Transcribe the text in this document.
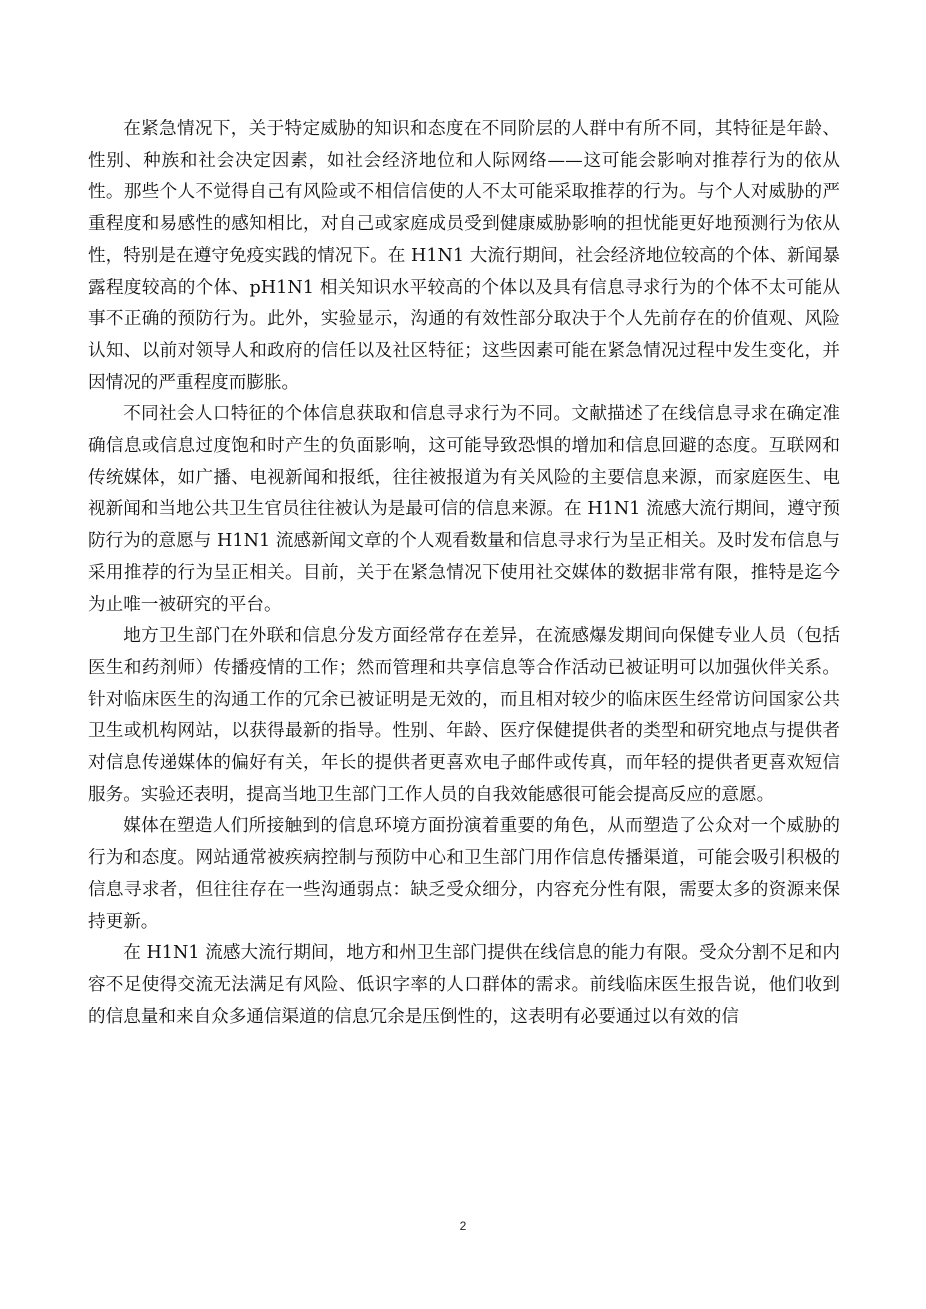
在紧急情况下，关于特定威胁的知识和态度在不同阶层的人群中有所不同，其特征是年龄、性别、种族和社会决定因素，如社会经济地位和人际网络——这可能会影响对推荐行为的依从性。那些个人不觉得自己有风险或不相信信使的人不太可能采取推荐的行为。与个人对威胁的严重程度和易感性的感知相比，对自己或家庭成员受到健康威胁影响的担忧能更好地预测行为依从性，特别是在遵守免疫实践的情况下。在 H1N1 大流行期间，社会经济地位较高的个体、新闻暴露程度较高的个体、pH1N1 相关知识水平较高的个体以及具有信息寻求行为的个体不太可能从事不正确的预防行为。此外，实验显示，沟通的有效性部分取决于个人先前存在的价值观、风险认知、以前对领导人和政府的信任以及社区特征；这些因素可能在紧急情况过程中发生变化，并因情况的严重程度而膨胀。

不同社会人口特征的个体信息获取和信息寻求行为不同。文献描述了在线信息寻求在确定准确信息或信息过度饱和时产生的负面影响，这可能导致恐惧的增加和信息回避的态度。互联网和传统媒体，如广播、电视新闻和报纸，往往被报道为有关风险的主要信息来源，而家庭医生、电视新闻和当地公共卫生官员往往被认为是最可信的信息来源。在 H1N1 流感大流行期间，遵守预防行为的意愿与 H1N1 流感新闻文章的个人观看数量和信息寻求行为呈正相关。及时发布信息与采用推荐的行为呈正相关。目前，关于在紧急情况下使用社交媒体的数据非常有限，推特是迄今为止唯一被研究的平台。

地方卫生部门在外联和信息分发方面经常存在差异，在流感爆发期间向保健专业人员（包括医生和药剂师）传播疫情的工作；然而管理和共享信息等合作活动已被证明可以加强伙伴关系。针对临床医生的沟通工作的冗余已被证明是无效的，而且相对较少的临床医生经常访问国家公共卫生或机构网站，以获得最新的指导。性别、年龄、医疗保健提供者的类型和研究地点与提供者对信息传递媒体的偏好有关，年长的提供者更喜欢电子邮件或传真，而年轻的提供者更喜欢短信服务。实验还表明，提高当地卫生部门工作人员的自我效能感很可能会提高反应的意愿。

媒体在塑造人们所接触到的信息环境方面扮演着重要的角色，从而塑造了公众对一个威胁的行为和态度。网站通常被疾病控制与预防中心和卫生部门用作信息传播渠道，可能会吸引积极的信息寻求者，但往往存在一些沟通弱点：缺乏受众细分，内容充分性有限，需要太多的资源来保持更新。

在 H1N1 流感大流行期间，地方和州卫生部门提供在线信息的能力有限。受众分割不足和内容不足使得交流无法满足有风险、低识字率的人口群体的需求。前线临床医生报告说，他们收到的信息量和来自众多通信渠道的信息冗余是压倒性的，这表明有必要通过以有效的信

2
